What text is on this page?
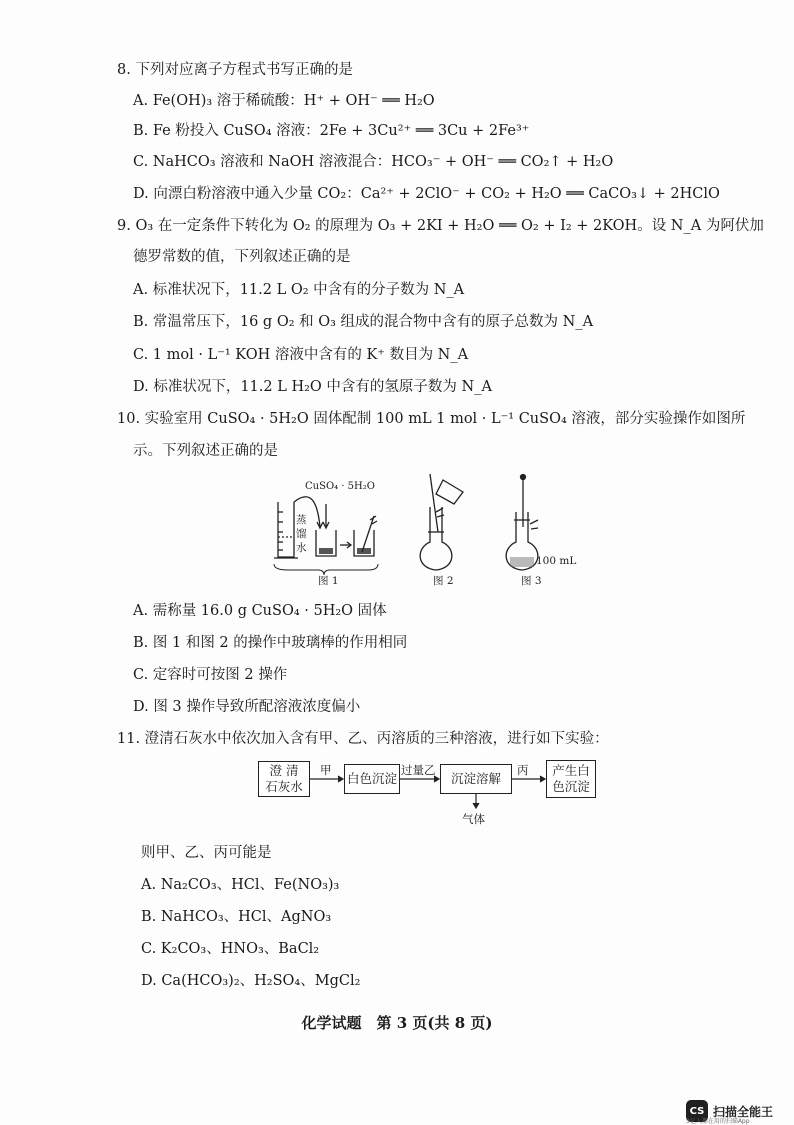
8. 下列对应离子方程式书写正确的是
A. Fe(OH)₃ 溶于稀硫酸：H⁺ + OH⁻ ══ H₂O
B. Fe 粉投入 CuSO₄ 溶液：2Fe + 3Cu²⁺ ══ 3Cu + 2Fe³⁺
C. NaHCO₃ 溶液和 NaOH 溶液混合：HCO₃⁻ + OH⁻ ══ CO₂↑ + H₂O
D. 向漂白粉溶液中通入少量 CO₂：Ca²⁺ + 2ClO⁻ + CO₂ + H₂O ══ CaCO₃↓ + 2HClO
9. O₃ 在一定条件下转化为 O₂ 的原理为 O₃ + 2KI + H₂O ══ O₂ + I₂ + 2KOH。设 N_A 为阿伏加
德罗常数的值，下列叙述正确的是
A. 标准状况下，11.2 L O₂ 中含有的分子数为 N_A
B. 常温常压下，16 g O₂ 和 O₃ 组成的混合物中含有的原子总数为 N_A
C. 1 mol · L⁻¹ KOH 溶液中含有的 K⁺ 数目为 N_A
D. 标准状况下，11.2 L H₂O 中含有的氢原子数为 N_A
10. 实验室用 CuSO₄ · 5H₂O 固体配制 100 mL 1 mol · L⁻¹ CuSO₄ 溶液，部分实验操作如图所
示。下列叙述正确的是
CuSO₄ · 5H₂O
蒸
馏
水
100 mL
图 1	图 2	图 3
A. 需称量 16.0 g CuSO₄ · 5H₂O 固体
B. 图 1 和图 2 的操作中玻璃棒的作用相同
C. 定容时可按图 2 操作
D. 图 3 操作导致所配溶液浓度偏小
11. 澄清石灰水中依次加入含有甲、乙、丙溶质的三种溶液，进行如下实验：
澄 清
石灰水
白色沉淀	沉淀溶解
产生白
色沉淀
甲	过量乙	丙
气体
则甲、乙、丙可能是
A. Na₂CO₃、HCl、Fe(NO₃)₃
B. NaHCO₃、HCl、AgNO₃
C. K₂CO₃、HNO₃、BaCl₂
D. Ca(HCO₃)₂、H₂SO₄、MgCl₂
化学试题　第 3 页(共 8 页)
CS 扫描全能王
3亿人都在用的扫描App
